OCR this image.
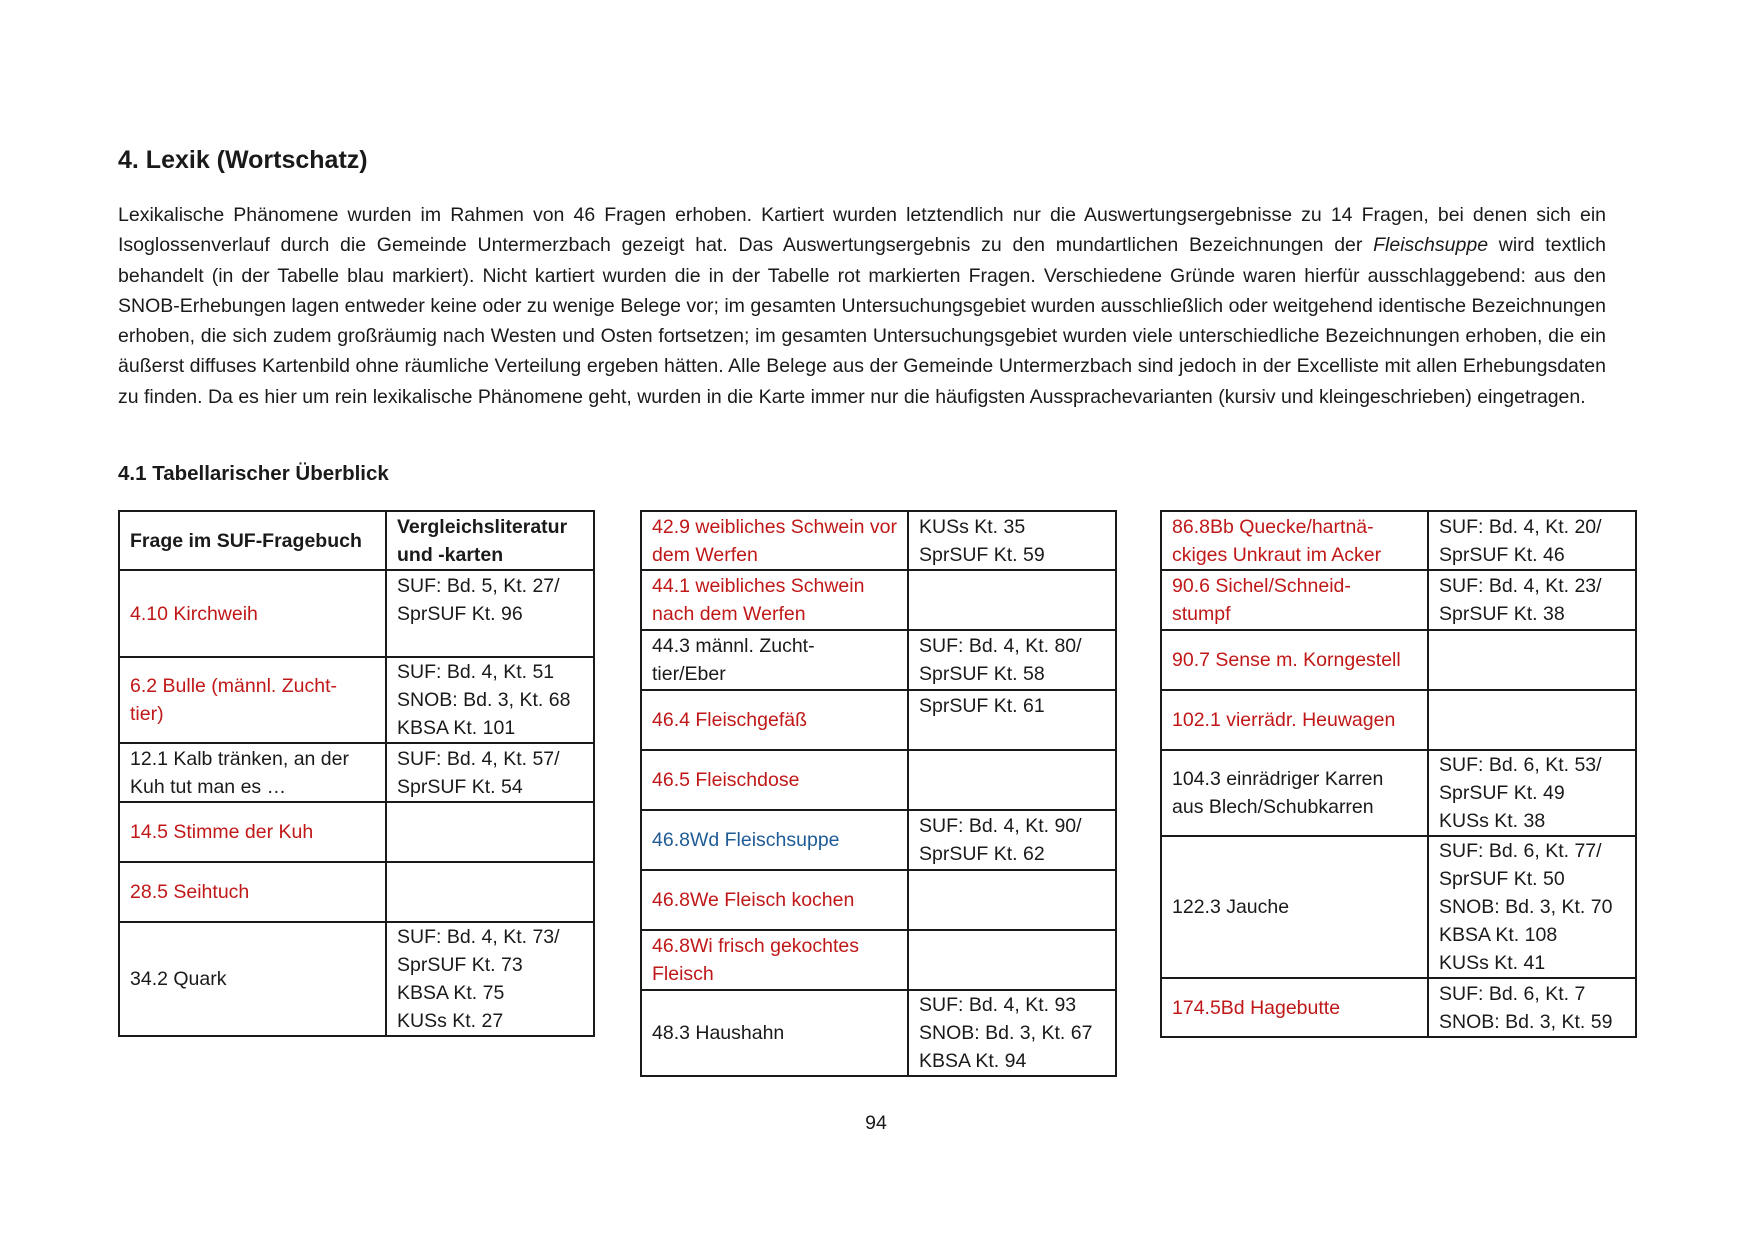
4. Lexik (Wortschatz)

Lexikalische Phänomene wurden im Rahmen von 46 Fragen erhoben. Kartiert wurden letztendlich nur die Auswertungsergebnisse zu 14 Fragen, bei denen sich ein Isoglossenverlauf durch die Gemeinde Untermerzbach gezeigt hat. Das Auswertungsergebnis zu den mundartlichen Bezeichnungen der Fleischsuppe wird textlich behandelt (in der Tabelle blau markiert). Nicht kartiert wurden die in der Tabelle rot markierten Fragen. Verschiedene Gründe waren hierfür ausschlaggebend: aus den SNOB-Erhebungen lagen entweder keine oder zu wenige Belege vor; im gesamten Untersuchungsgebiet wurden ausschließlich oder weitgehend identische Bezeichnungen erhoben, die sich zudem großräumig nach Westen und Osten fortsetzen; im gesamten Untersuchungsgebiet wurden viele unterschiedliche Bezeichnungen erhoben, die ein äußerst diffuses Kartenbild ohne räumliche Verteilung ergeben hätten. Alle Belege aus der Gemeinde Untermerzbach sind jedoch in der Excelliste mit allen Erhebungsdaten zu finden. Da es hier um rein lexikalische Phänomene geht, wurden in die Karte immer nur die häufigsten Aussprachevarianten (kursiv und kleingeschrieben) eingetragen.

4.1 Tabellarischer Überblick
Frage im SUF-Fragebuch	Vergleichsliteratur und -karten
4.10 Kirchweih	SUF: Bd. 5, Kt. 27/
SprSUF Kt. 96

6.2 Bulle (männl. Zucht-
tier)	SUF: Bd. 4, Kt. 51
SNOB: Bd. 3, Kt. 68
KBSA Kt. 101
12.1 Kalb tränken, an der Kuh tut man es …	SUF: Bd. 4, Kt. 57/
SprSUF Kt. 54
14.5 Stimme der Kuh	
28.5 Seihtuch	
34.2 Quark	SUF: Bd. 4, Kt. 73/
SprSUF Kt. 73
KBSA Kt. 75
KUSs Kt. 27
42.9 weibliches Schwein vor dem Werfen	KUSs Kt. 35
SprSUF Kt. 59
44.1 weibliches Schwein nach dem Werfen	
44.3 männl. Zucht-
tier/Eber	SUF: Bd. 4, Kt. 80/
SprSUF Kt. 58
46.4 Fleischgefäß	SprSUF Kt. 61

46.5 Fleischdose	
46.8Wd Fleischsuppe	SUF: Bd. 4, Kt. 90/
SprSUF Kt. 62
46.8We Fleisch kochen	
46.8Wi frisch gekochtes Fleisch	
48.3 Haushahn	SUF: Bd. 4, Kt. 93
SNOB: Bd. 3, Kt. 67
KBSA Kt. 94
86.8Bb Quecke/hartnä-
ckiges Unkraut im Acker	SUF: Bd. 4, Kt. 20/
SprSUF Kt. 46
90.6 Sichel/Schneid-
stumpf	SUF: Bd. 4, Kt. 23/
SprSUF Kt. 38
90.7 Sense m. Korngestell	
102.1 vierrädr. Heuwagen	
104.3 einrädriger Karren aus Blech/Schubkarren	SUF: Bd. 6, Kt. 53/
SprSUF Kt. 49
KUSs Kt. 38
122.3 Jauche	SUF: Bd. 6, Kt. 77/
SprSUF Kt. 50
SNOB: Bd. 3, Kt. 70
KBSA Kt. 108
KUSs Kt. 41
174.5Bd Hagebutte	SUF: Bd. 6, Kt. 7
SNOB: Bd. 3, Kt. 59
94
